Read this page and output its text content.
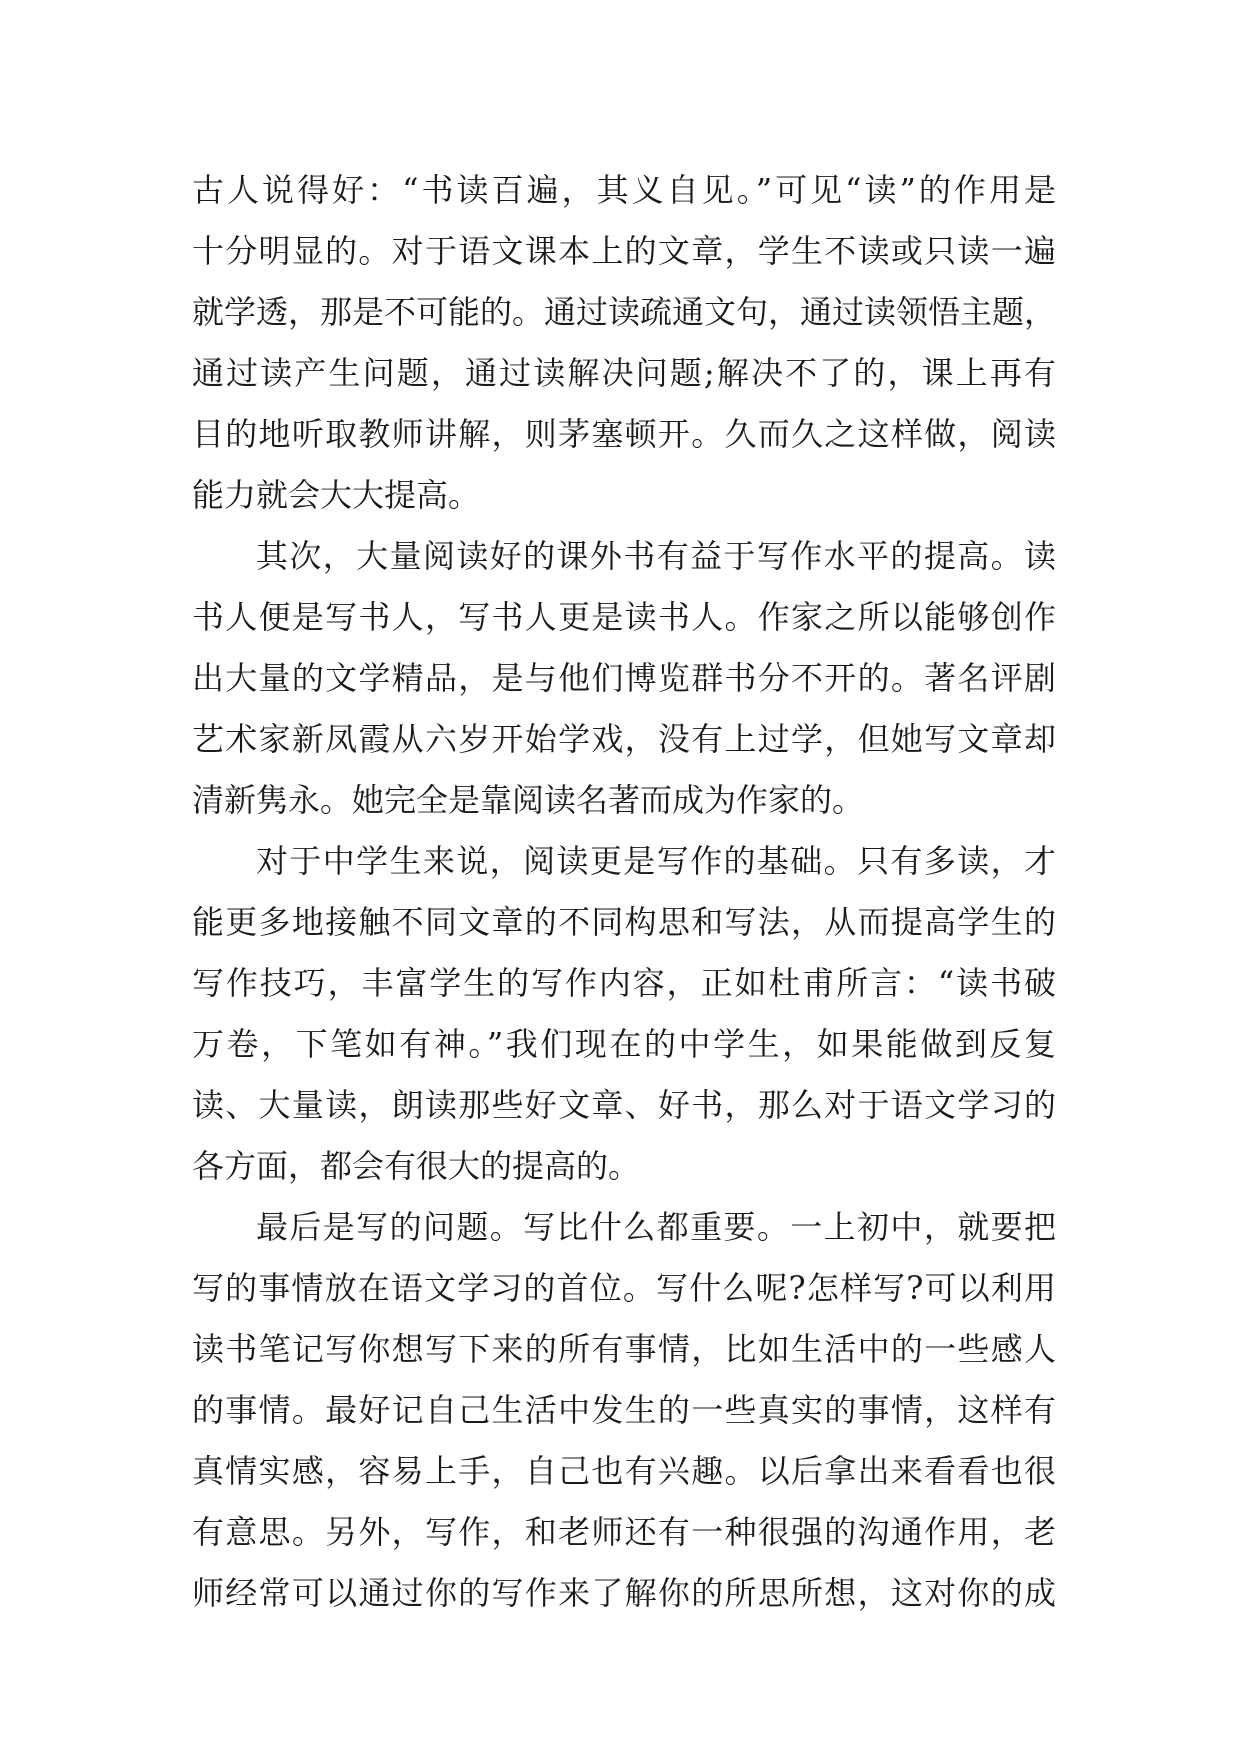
古人说得好：“书读百遍，其义自见。”可见“读”的作用是
十分明显的。对于语文课本上的文章，学生不读或只读一遍
就学透，那是不可能的。通过读疏通文句，通过读领悟主题，
通过读产生问题，通过读解决问题;解决不了的，课上再有
目的地听取教师讲解，则茅塞顿开。久而久之这样做，阅读
能力就会大大提高。

其次，大量阅读好的课外书有益于写作水平的提高。读
书人便是写书人，写书人更是读书人。作家之所以能够创作
出大量的文学精品，是与他们博览群书分不开的。著名评剧
艺术家新凤霞从六岁开始学戏，没有上过学，但她写文章却
清新隽永。她完全是靠阅读名著而成为作家的。

对于中学生来说，阅读更是写作的基础。只有多读，才
能更多地接触不同文章的不同构思和写法，从而提高学生的
写作技巧，丰富学生的写作内容，正如杜甫所言：“读书破
万卷，下笔如有神。”我们现在的中学生，如果能做到反复
读、大量读，朗读那些好文章、好书，那么对于语文学习的
各方面，都会有很大的提高的。

最后是写的问题。写比什么都重要。一上初中，就要把
写的事情放在语文学习的首位。写什么呢?怎样写?可以利用
读书笔记写你想写下来的所有事情，比如生活中的一些感人
的事情。最好记自己生活中发生的一些真实的事情，这样有
真情实感，容易上手，自己也有兴趣。以后拿出来看看也很
有意思。另外，写作，和老师还有一种很强的沟通作用，老
师经常可以通过你的写作来了解你的所思所想，这对你的成
